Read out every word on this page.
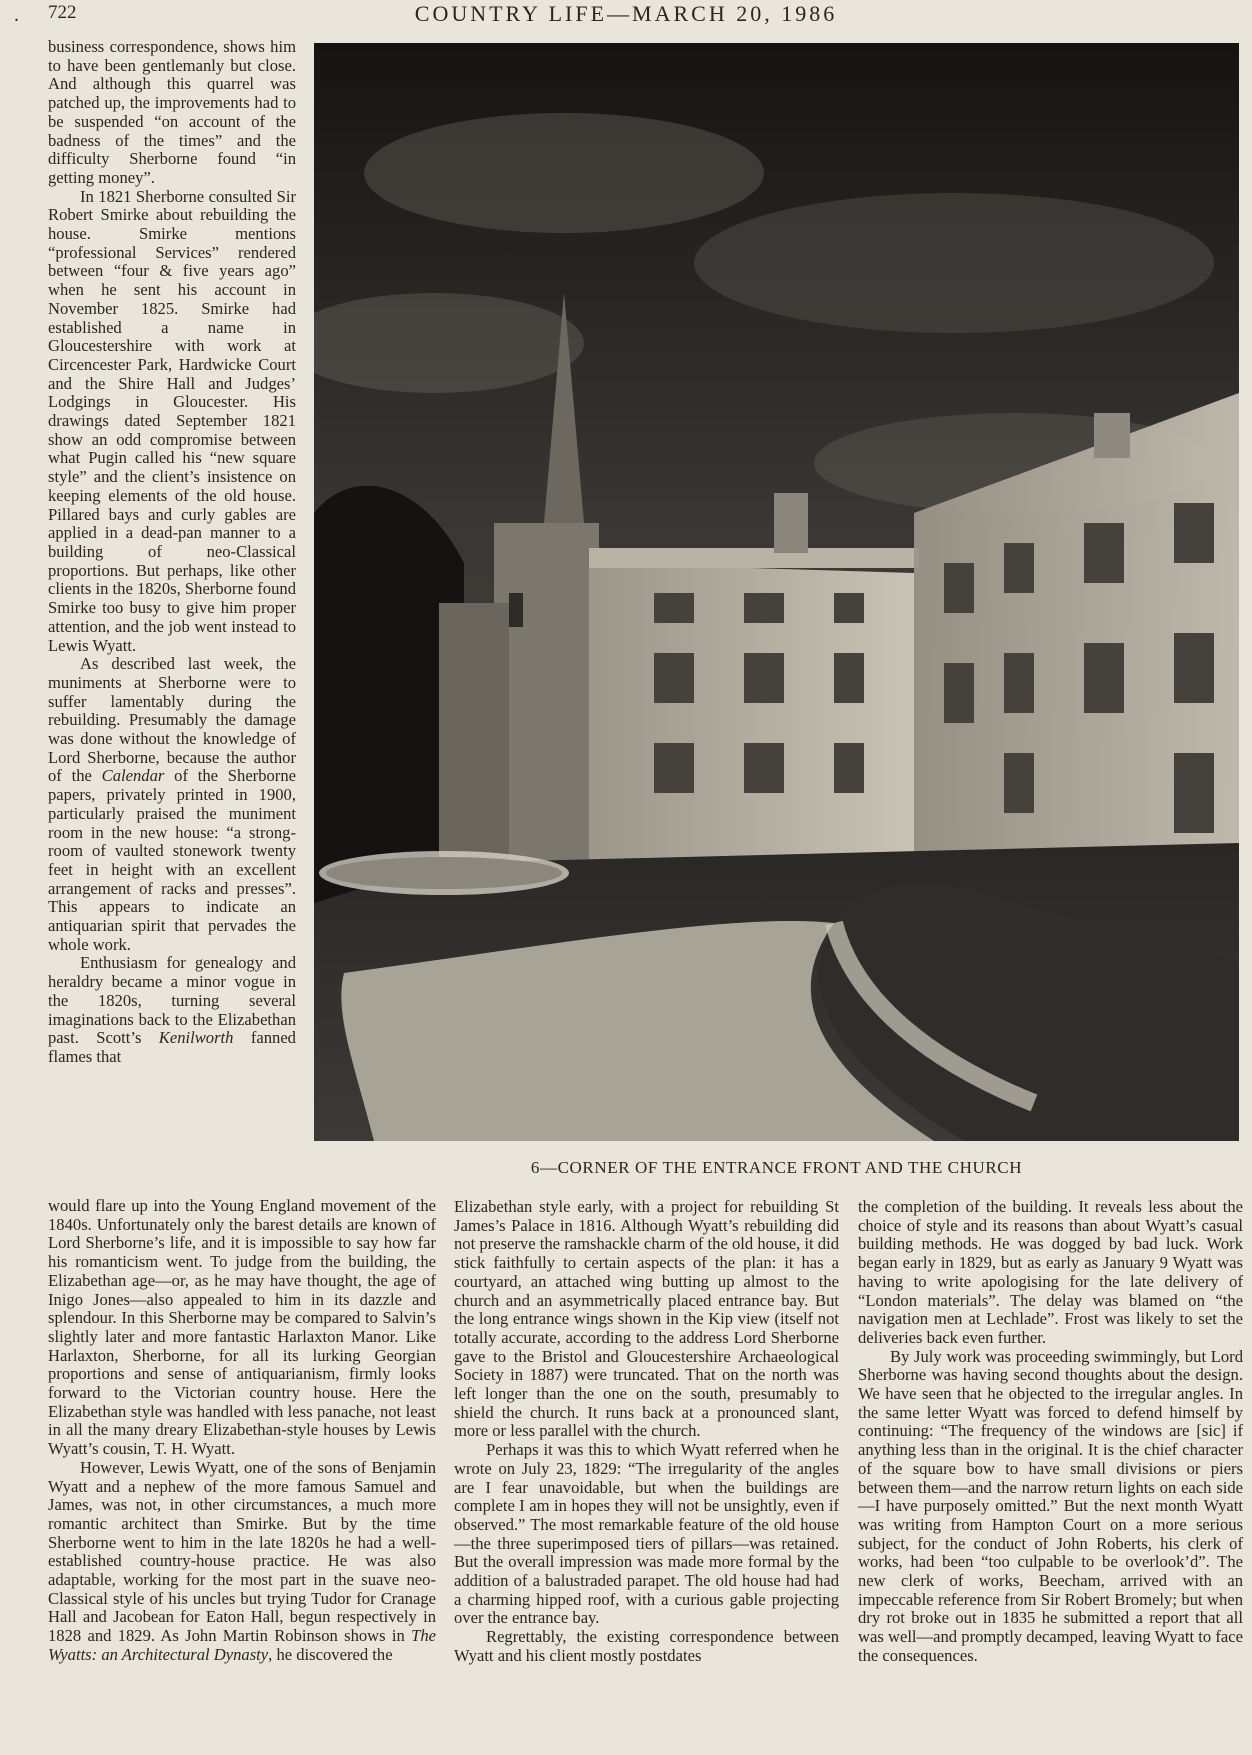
. 722	COUNTRY LIFE—MARCH 20, 1986

business correspondence, shows him to have been gentlemanly but close. And although this quarrel was patched up, the improvements had to be suspended “on account of the badness of the times” and the difficulty Sherborne found “in getting money”.

In 1821 Sherborne consulted Sir Robert Smirke about rebuilding the house. Smirke mentions “professional Services” rendered between “four & five years ago” when he sent his account in November 1825. Smirke had established a name in Gloucestershire with work at Circencester Park, Hardwicke Court and the Shire Hall and Judges’ Lodgings in Gloucester. His drawings dated September 1821 show an odd compromise between what Pugin called his “new square style” and the client’s insistence on keeping elements of the old house. Pillared bays and curly gables are applied in a dead-pan manner to a building of neo-Classical proportions. But perhaps, like other clients in the 1820s, Sherborne found Smirke too busy to give him proper attention, and the job went instead to Lewis Wyatt.

As described last week, the muniments at Sherborne were to suffer lamentably during the rebuilding. Presumably the damage was done without the knowledge of Lord Sherborne, because the author of the Calendar of the Sherborne papers, privately printed in 1900, particularly praised the muniment room in the new house: “a strong-room of vaulted stonework twenty feet in height with an excellent arrangement of racks and presses”. This appears to indicate an antiquarian spirit that pervades the whole work.

Enthusiasm for genealogy and heraldry became a minor vogue in the 1820s, turning several imaginations back to the Elizabethan past. Scott’s Kenilworth fanned flames that

6—CORNER OF THE ENTRANCE FRONT AND THE CHURCH

would flare up into the Young England movement of the 1840s. Unfortunately only the barest details are known of Lord Sherborne’s life, and it is impossible to say how far his romanticism went. To judge from the building, the Elizabethan age—or, as he may have thought, the age of Inigo Jones—also appealed to him in its dazzle and splendour. In this Sherborne may be compared to Salvin’s slightly later and more fantastic Harlaxton Manor. Like Harlaxton, Sherborne, for all its lurking Georgian proportions and sense of antiquarianism, firmly looks forward to the Victorian country house. Here the Elizabethan style was handled with less panache, not least in all the many dreary Elizabethan-style houses by Lewis Wyatt’s cousin, T. H. Wyatt.

However, Lewis Wyatt, one of the sons of Benjamin Wyatt and a nephew of the more famous Samuel and James, was not, in other circumstances, a much more romantic architect than Smirke. But by the time Sherborne went to him in the late 1820s he had a well-established country-house practice. He was also adaptable, working for the most part in the suave neo-Classical style of his uncles but trying Tudor for Cranage Hall and Jacobean for Eaton Hall, begun respectively in 1828 and 1829. As John Martin Robinson shows in The Wyatts: an Architectural Dynasty, he discovered the

Elizabethan style early, with a project for rebuilding St James’s Palace in 1816. Although Wyatt’s rebuilding did not preserve the ramshackle charm of the old house, it did stick faithfully to certain aspects of the plan: it has a courtyard, an attached wing butting up almost to the church and an asymmetrically placed entrance bay. But the long entrance wings shown in the Kip view (itself not totally accurate, according to the address Lord Sherborne gave to the Bristol and Gloucestershire Archaeological Society in 1887) were truncated. That on the north was left longer than the one on the south, presumably to shield the church. It runs back at a pronounced slant, more or less parallel with the church.

Perhaps it was this to which Wyatt referred when he wrote on July 23, 1829: “The irregularity of the angles are I fear unavoidable, but when the buildings are complete I am in hopes they will not be unsightly, even if observed.” The most remarkable feature of the old house—the three superimposed tiers of pillars—was retained. But the overall impression was made more formal by the addition of a balustraded parapet. The old house had had a charming hipped roof, with a curious gable projecting over the entrance bay.

Regrettably, the existing correspondence between Wyatt and his client mostly postdates

the completion of the building. It reveals less about the choice of style and its reasons than about Wyatt’s casual building methods. He was dogged by bad luck. Work began early in 1829, but as early as January 9 Wyatt was having to write apologising for the late delivery of “London materials”. The delay was blamed on “the navigation men at Lechlade”. Frost was likely to set the deliveries back even further.

By July work was proceeding swimmingly, but Lord Sherborne was having second thoughts about the design. We have seen that he objected to the irregular angles. In the same letter Wyatt was forced to defend himself by continuing: “The frequency of the windows are [sic] if anything less than in the original. It is the chief character of the square bow to have small divisions or piers between them—and the narrow return lights on each side—I have purposely omitted.” But the next month Wyatt was writing from Hampton Court on a more serious subject, for the conduct of John Roberts, his clerk of works, had been “too culpable to be overlook’d”. The new clerk of works, Beecham, arrived with an impeccable reference from Sir Robert Bromely; but when dry rot broke out in 1835 he submitted a report that all was well—and promptly decamped, leaving Wyatt to face the consequences.
